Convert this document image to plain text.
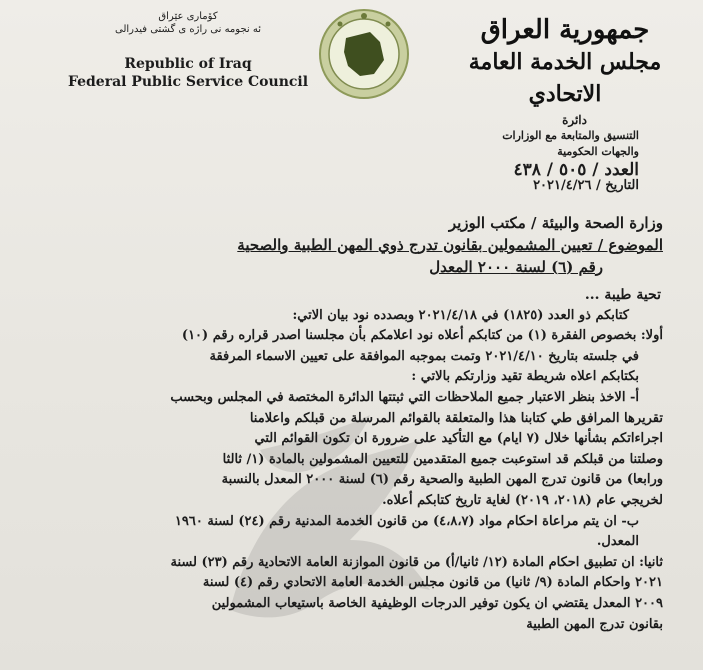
کۆماری عێراق
ئه نجومه نی راژه ی گشتی فیدرالی
Republic of Iraq
Federal Public Service Council
جمهورية العراق
مجلس الخدمة العامة الاتحادي
دائرة
التنسيق والمتابعة مع الوزارات
والجهات الحكومية
العدد / ٥٠٥ / ٤٣٨
التاريخ / ٢٠٢١/٤/٢٦
وزارة الصحة والبيئة / مكتب الوزير
الموضوع / تعيين المشمولين بقانون تدرج ذوي المهن الطبية والصحية
رقم (٦) لسنة ٢٠٠٠ المعدل

تحية طيبة ...

كتابكم ذو العدد (١٨٢٥) في ٢٠٢١/٤/١٨ وبصدده نود بيان الاتي:

أولا: بخصوص الفقرة (١) من كتابكم أعلاه نود اعلامكم بأن مجلسنا اصدر قراره رقم (١٠)

في جلسته بتاريخ ٢٠٢١/٤/١٠ وتمت بموجبه الموافقة على تعيين الاسماء المرفقة

بكتابكم اعلاه شريطة تقيد وزارتكم بالاتي :

أ- الاخذ بنظر الاعتبار جميع الملاحظات التي ثبتتها الدائرة المختصة في المجلس وبحسب

تقريرها المرافق طي كتابنا هذا والمتعلقة بالقوائم المرسلة من قبلكم واعلامنا

اجراءاتكم بشأنها خلال (٧ ايام) مع التأكيد على ضرورة ان تكون القوائم التي

وصلتنا من قبلكم قد استوعبت جميع المتقدمين للتعيين المشمولين بالمادة (١/ ثالثا

ورابعا) من قانون تدرج المهن الطبية والصحية رقم (٦) لسنة ٢٠٠٠ المعدل بالنسبة

لخريجي عام (٢٠١٨، ٢٠١٩) لغاية تاريخ كتابكم أعلاه.

ب- ان يتم مراعاة احكام مواد (٤،٨،٧) من قانون الخدمة المدنية رقم (٢٤) لسنة ١٩٦٠

المعدل.

ثانيا: ان تطبيق احكام المادة (١٢/ ثانيا/أ) من قانون الموازنة العامة الاتحادية رقم (٢٣) لسنة

٢٠٢١ واحكام المادة (٩/ ثانيا) من قانون مجلس الخدمة العامة الاتحادي رقم (٤) لسنة

٢٠٠٩ المعدل يقتضي ان يكون توفير الدرجات الوظيفية الخاصة باستيعاب المشمولين

بقانون تدرج المهن الطبية
